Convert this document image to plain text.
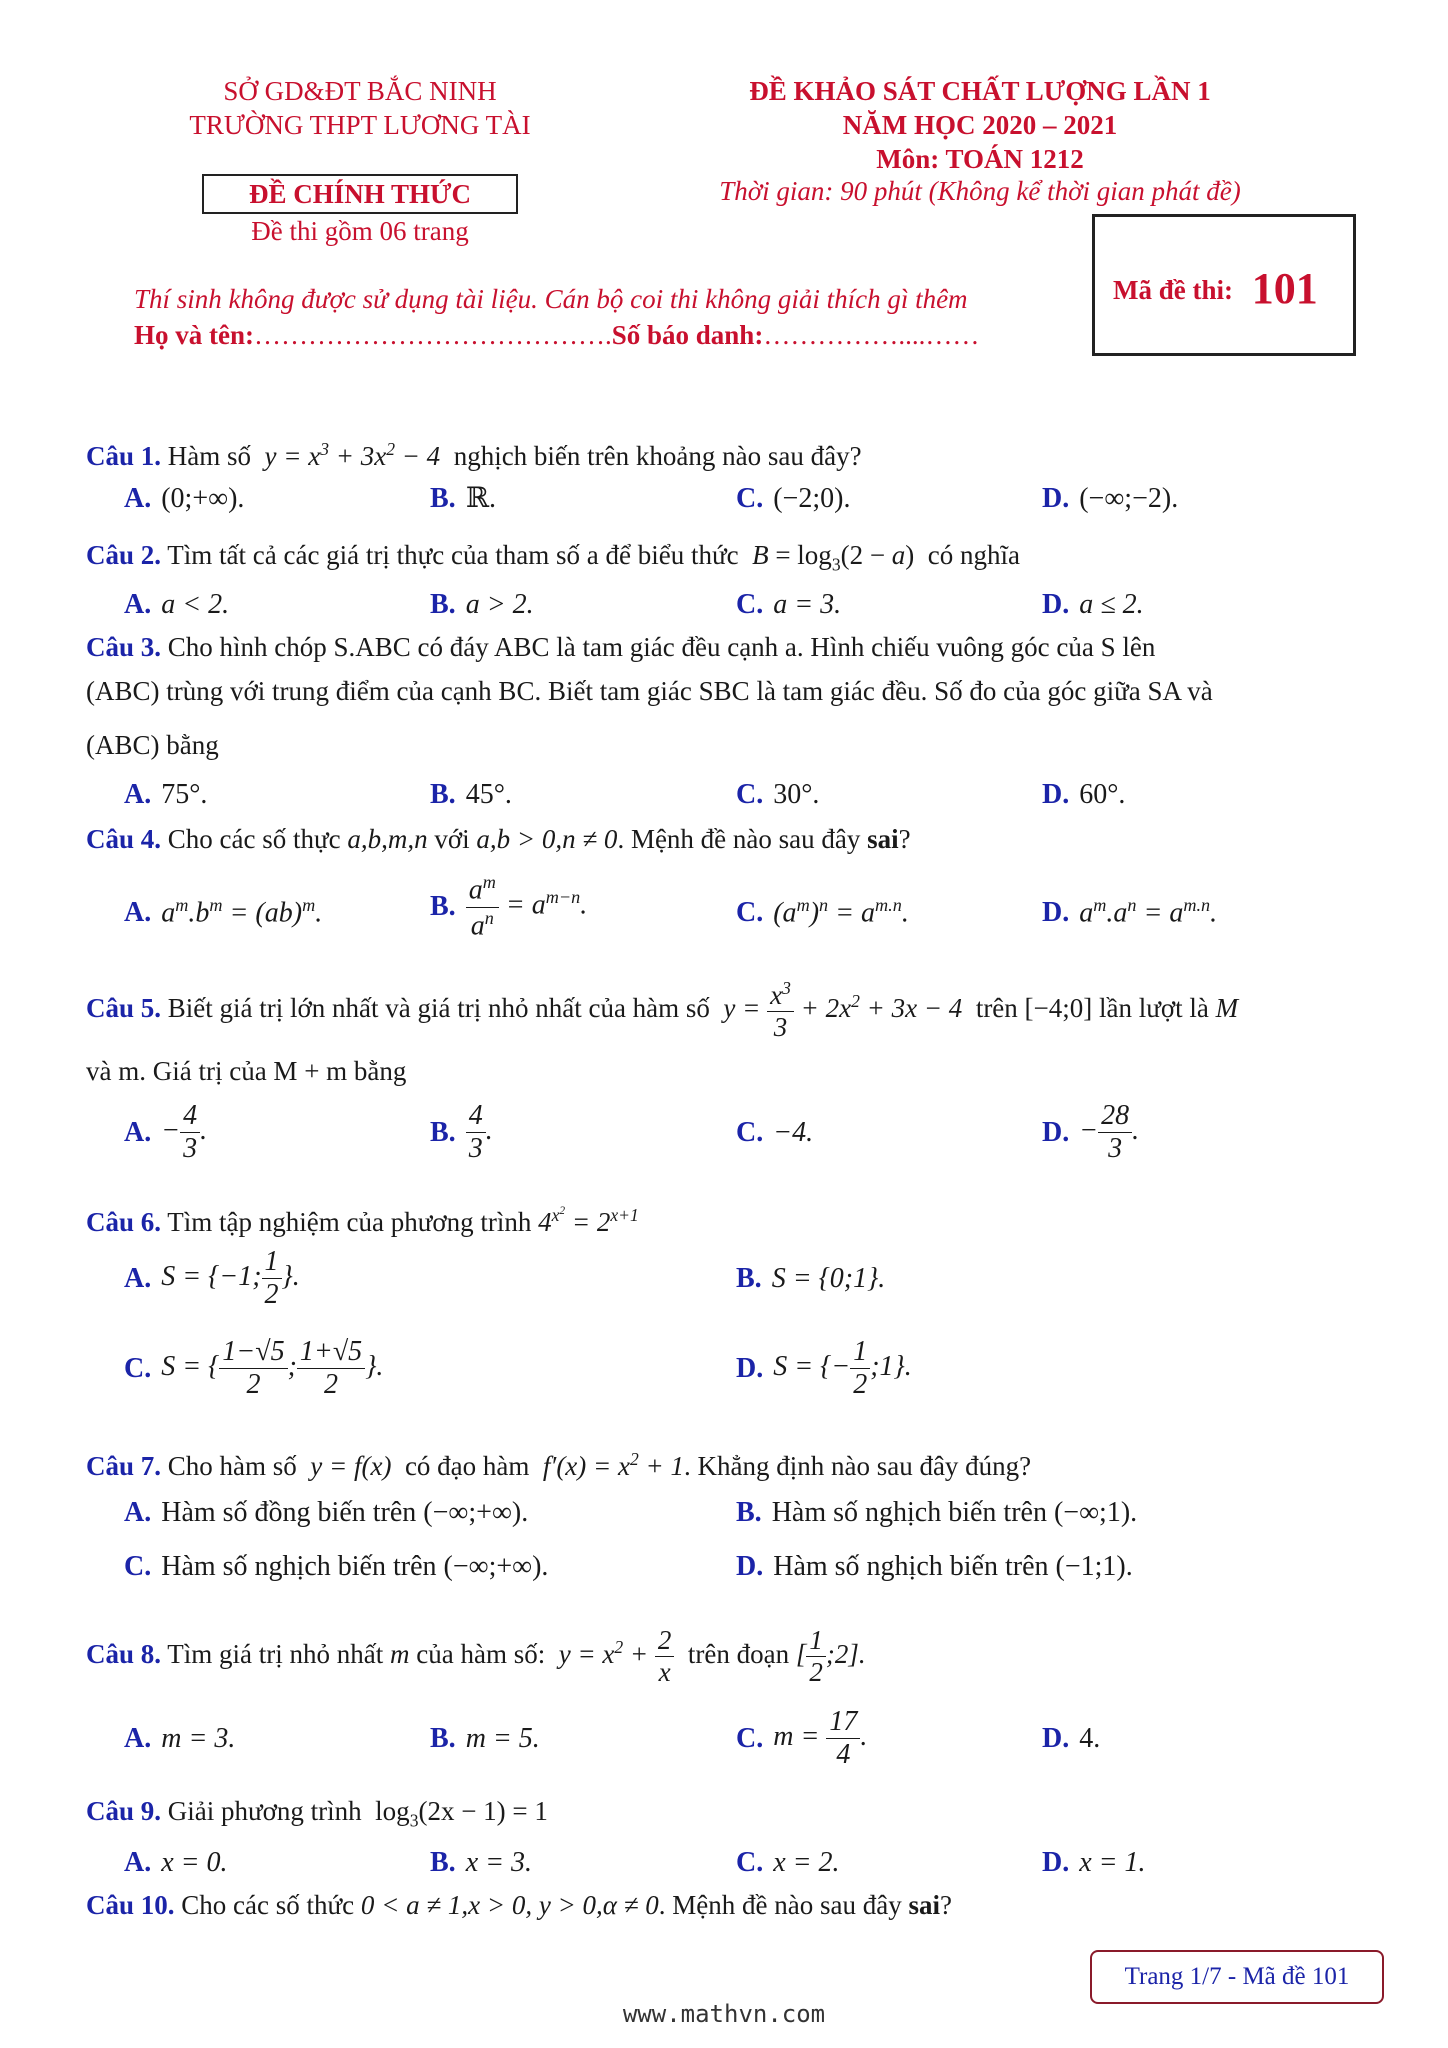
SỞ GD&ĐT BẮC NINH
TRƯỜNG THPT LƯƠNG TÀI
ĐỀ CHÍNH THỨC
Đề thi gồm 06 trang
ĐỀ KHẢO SÁT CHẤT LƯỢNG LẦN 1
NĂM HỌC 2020 – 2021
Môn: TOÁN 1212
Thời gian: 90 phút (Không kể thời gian phát đề)
Mã đề thi: 101
Thí sinh không được sử dụng tài liệu. Cán bộ coi thi không giải thích gì thêm
Họ và tên:………………………………….Số báo danh:……………....……
Câu 1. Hàm số  $y = x^3 + 3x^2 - 4$  nghịch biến trên khoảng nào sau đây?
A. (0;+∞).	B. ℝ.	C. (−2;0).	D. (−∞;−2).
Câu 2. Tìm tất cả các giá trị thực của tham số a để biểu thức $B = \log_3(2 - a)$  có nghĩa
A. a < 2.	B. a > 2.	C. a = 3.	D. a ≤ 2.
Câu 3. Cho hình chóp S.ABC có đáy ABC là tam giác đều cạnh a. Hình chiếu vuông góc của S lên
(ABC) trùng với trung điểm của cạnh BC. Biết tam giác SBC là tam giác đều. Số đo của góc giữa SA và
(ABC) bằng
A. 75°.	B. 45°.	C. 30°.	D. 60°.
Câu 4. Cho các số thực a,b,m,n với a,b > 0,n ≠ 0. Mệnh đề nào sau đây sai?
A. $a^m.b^m = (ab)^m$.	B. $\frac{a^m}{a^n} = a^{m-n}$.	C. $(a^m)^n = a^{m.n}$.	D. $a^m.a^n = a^{m.n}$.
Câu 5. Biết giá trị lớn nhất và giá trị nhỏ nhất của hàm số  $y = \frac{x^3}{3} + 2x^2 + 3x - 4$  trên [−4;0] lần lượt là M
và m. Giá trị của M + m bằng
A. − $\frac{4}{3}$ .	B. $\frac{4}{3}$ .	C. −4.	D. − $\frac{28}{3}$ .
Câu 6. Tìm tập nghiệm của phương trình $4^{x^2} = 2^{x+1}$
A. S = {−1; $\frac{1}{2}$ }.	B. S = {0;1}.
C. S = { $\frac{1-√5}{2}$ ; $\frac{1+√5}{2}$ }.	D. S = {− $\frac{1}{2}$ ;1}.
Câu 7. Cho hàm số  y = f(x)  có đạo hàm  $f'(x) = x^2 + 1$. Khẳng định nào sau đây đúng?
A. Hàm số đồng biến trên (−∞;+∞).	B. Hàm số nghịch biến trên (−∞;1).
C. Hàm số nghịch biến trên (−∞;+∞).	D. Hàm số nghịch biến trên (−1;1).
Câu 8. Tìm giá trị nhỏ nhất m của hàm số:  $y = x^2 + \frac{2}{x}$ trên đoạn [ $\frac{1}{2}$ ;2].
A. m = 3.	B. m = 5.	C. $m = \frac{17}{4}$ .	D. 4.
Câu 9. Giải phương trình  $\log_3(2x - 1) = 1$
A. x = 0.	B. x = 3.	C. x = 2.	D. x = 1.
Câu 10. Cho các số thức 0 < a ≠ 1,x > 0, y > 0,α ≠ 0. Mệnh đề nào sau đây sai?
Trang 1/7 - Mã đề 101
www.mathvn.com
